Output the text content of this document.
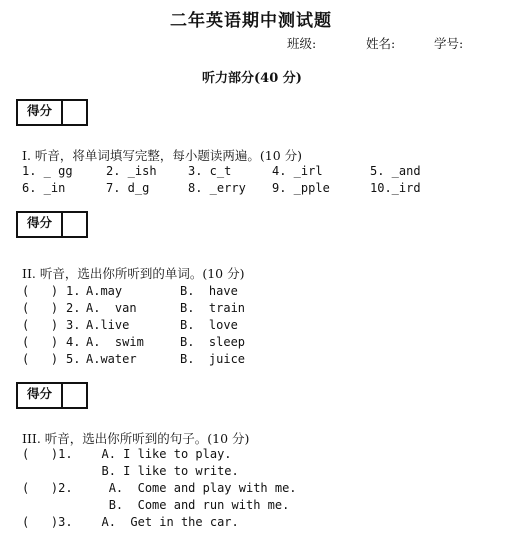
二年英语期中测试题
班级:	姓名:	学号:
听力部分(40 分)
得分
I. 听音，将单词填写完整，每小题读两遍。(10 分)
1. _ gg	2. _ish	3. c_t	4. _irl	5. _and
6. _in	7. d_g	8. _erry 9. _pple	10._ird
得分
II. 听音，选出你所听到的单词。(10 分)
(   ) 1. A.may	B.  have
(   ) 2. A.  van	B.  train
(   ) 3. A.live	B.  love
(   ) 4. A.  swim	B.  sleep
(   ) 5. A.water	B.  juice
得分
III. 听音，选出你所听到的句子。(10 分)
(   )1.    A. I like to play.
B. I like to write.
(   )2.     A.  Come and play with me.
B.  Come and run with me.
(   )3.    A.  Get in the car.
